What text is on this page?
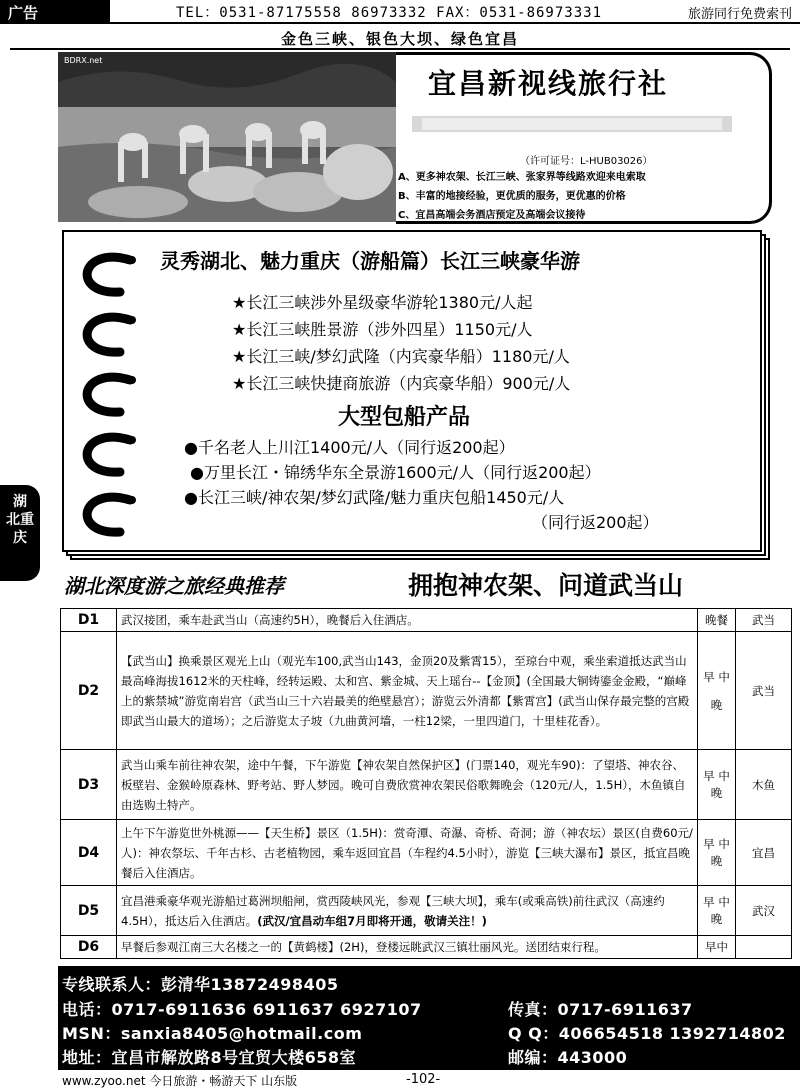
广告	TEL：0531-87175558 86973332 FAX：0531-86973331	旅游同行免费索刊
金色三峡、银色大坝、绿色宜昌
BDRX.net
宜昌新视线旅行社
（许可证号：L-HUB03026）
A、更多神农架、长江三峡、张家界等线路欢迎来电索取
B、丰富的地接经验，更优质的服务，更优惠的价格
C、宜昌高端会务酒店预定及高端会议接待
灵秀湖北、魅力重庆（游船篇）长江三峡豪华游
★长江三峡涉外星级豪华游轮1380元/人起
★长江三峡胜景游（涉外四星）1150元/人
★长江三峡/梦幻武隆（内宾豪华船）1180元/人
★长江三峡快捷商旅游（内宾豪华船）900元/人
大型包船产品
●千名老人上川江1400元/人（同行返200起）
●万里长江・锦绣华东全景游1600元/人（同行返200起）
●长江三峡/神农架/梦幻武隆/魅力重庆包船1450元/人
（同行返200起）
湖
北重
庆
湖北深度游之旅经典推荐	拥抱神农架、问道武当山
D1	武汉接团，乘车赴武当山（高速约5H），晚餐后入住酒店。	晚餐	武当
D2	【武当山】换乘景区观光上山（观光车100,武当山143，金顶20及紫霄15），至琼台中观，乘坐索道抵达武当山最高峰海拔1612米的天柱峰，经转运殿、太和宫、紫金城、天上瑶台--【金顶】(全国最大铜铸鎏金金殿，“巅峰上的紫禁城”游览南岩宫（武当山三十六岩最美的绝壁悬宫）；游览云外清都【紫霄宫】(武当山保存最完整的宫殿即武当山最大的道场）；之后游览太子坡（九曲黄河墙，一柱12梁，一里四道门，十里桂花香）。	早 中 晚	武当
D3	武当山乘车前往神农架，途中午餐，下午游览【神农架自然保护区】(门票140，观光车90)：了望塔、神农谷、板壁岩、金猴岭原森林、野考站、野人梦园。晚可自费欣赏神农架民俗歌舞晚会（120元/人，1.5H），木鱼镇自由选购土特产。	早 中 晚	木鱼
D4	上午下午游览世外桃源——【天生桥】景区（1.5H)：赏奇潭、奇瀑、奇桥、奇洞；游（神农坛）景区(自费60元/人)：神农祭坛、千年古杉、古老植物园，乘车返回宜昌（车程约4.5小时），游览【三峡大瀑布】景区，抵宜昌晚餐后入住酒店。	早 中 晚	宜昌
D5	宜昌港乘豪华观光游船过葛洲坝船闸，赏西陵峡风光，参观【三峡大坝】，乘车(或乘高铁)前往武汉（高速约4.5H），抵达后入住酒店。(武汉/宜昌动车组7月即将开通，敬请关注！)	早 中 晚	武汉
D6	早餐后参观江南三大名楼之一的【黄鹤楼】(2H)，登楼远眺武汉三镇壮丽风光。送团结束行程。	早中	
专线联系人：彭清华13872498405
电话：0717-6911636 6911637 6927107	传真：0717-6911637
MSN：sanxia8405@hotmail.com	Q Q：406654518 1392714802
地址：宜昌市解放路8号宜贸大楼658室	邮编：443000
www.zyoo.net 今日旅游・畅游天下 山东版	-102-
